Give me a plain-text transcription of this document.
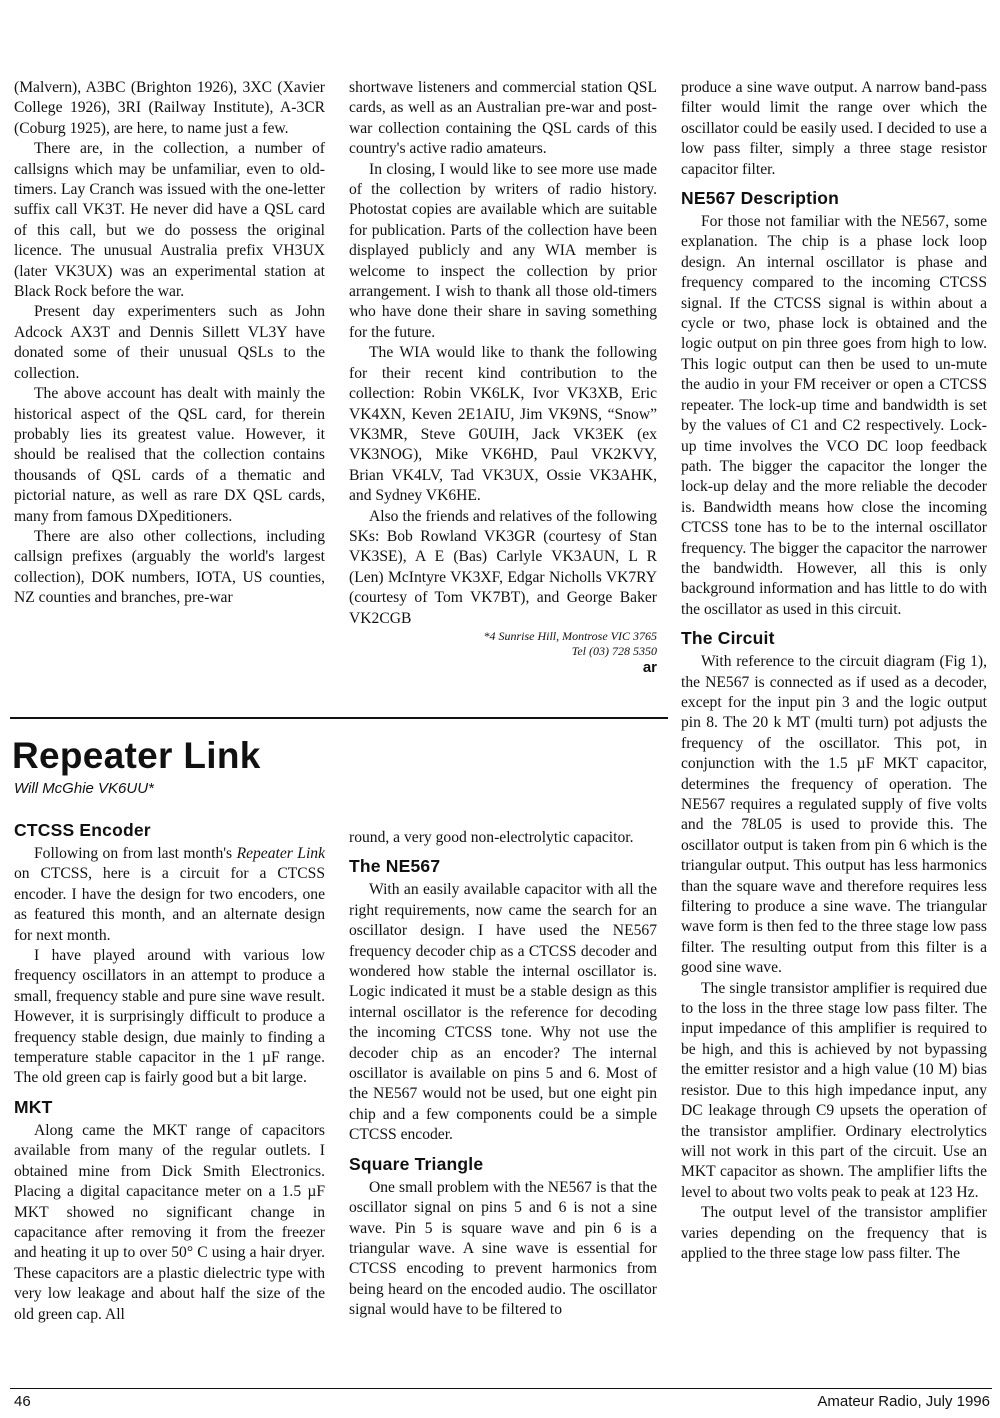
(Malvern), A3BC (Brighton 1926), 3XC (Xavier College 1926), 3RI (Railway Institute), A-3CR (Coburg 1925), are here, to name just a few.

There are, in the collection, a number of callsigns which may be unfamiliar, even to old-timers. Lay Cranch was issued with the one-letter suffix call VK3T. He never did have a QSL card of this call, but we do possess the original licence. The unusual Australia prefix VH3UX (later VK3UX) was an experimental station at Black Rock before the war.

Present day experimenters such as John Adcock AX3T and Dennis Sillett VL3Y have donated some of their unusual QSLs to the collection.

The above account has dealt with mainly the historical aspect of the QSL card, for therein probably lies its greatest value. However, it should be realised that the collection contains thousands of QSL cards of a thematic and pictorial nature, as well as rare DX QSL cards, many from famous DXpeditioners.

There are also other collections, including callsign prefixes (arguably the world's largest collection), DOK numbers, IOTA, US counties, NZ counties and branches, pre-war

shortwave listeners and commercial station QSL cards, as well as an Australian pre-war and post-war collection containing the QSL cards of this country's active radio amateurs.

In closing, I would like to see more use made of the collection by writers of radio history. Photostat copies are available which are suitable for publication. Parts of the collection have been displayed publicly and any WIA member is welcome to inspect the collection by prior arrangement. I wish to thank all those old-timers who have done their share in saving something for the future.

The WIA would like to thank the following for their recent kind contribution to the collection: Robin VK6LK, Ivor VK3XB, Eric VK4XN, Keven 2E1AIU, Jim VK9NS, “Snow” VK3MR, Steve G0UIH, Jack VK3EK (ex VK3NOG), Mike VK6HD, Paul VK2KVY, Brian VK4LV, Tad VK3UX, Ossie VK3AHK, and Sydney VK6HE.

Also the friends and relatives of the following SKs: Bob Rowland VK3GR (courtesy of Stan VK3SE), A E (Bas) Carlyle VK3AUN, L R (Len) McIntyre VK3XF, Edgar Nicholls VK7RY (courtesy of Tom VK7BT), and George Baker VK2CGB

*4 Sunrise Hill, Montrose VIC 3765
Tel (03) 728 5350
ar
Repeater Link
Will McGhie VK6UU*
CTCSS Encoder

Following on from last month's Repeater Link on CTCSS, here is a circuit for a CTCSS encoder. I have the design for two encoders, one as featured this month, and an alternate design for next month.

I have played around with various low frequency oscillators in an attempt to produce a small, frequency stable and pure sine wave result. However, it is surprisingly difficult to produce a frequency stable design, due mainly to finding a temperature stable capacitor in the 1 µF range. The old green cap is fairly good but a bit large.

MKT

Along came the MKT range of capacitors available from many of the regular outlets. I obtained mine from Dick Smith Electronics. Placing a digital capacitance meter on a 1.5 µF MKT showed no significant change in capacitance after removing it from the freezer and heating it up to over 50° C using a hair dryer. These capacitors are a plastic dielectric type with very low leakage and about half the size of the old green cap. All

round, a very good non-electrolytic capacitor.

The NE567

With an easily available capacitor with all the right requirements, now came the search for an oscillator design. I have used the NE567 frequency decoder chip as a CTCSS decoder and wondered how stable the internal oscillator is. Logic indicated it must be a stable design as this internal oscillator is the reference for decoding the incoming CTCSS tone. Why not use the decoder chip as an encoder? The internal oscillator is available on pins 5 and 6. Most of the NE567 would not be used, but one eight pin chip and a few components could be a simple CTCSS encoder.

Square Triangle

One small problem with the NE567 is that the oscillator signal on pins 5 and 6 is not a sine wave. Pin 5 is square wave and pin 6 is a triangular wave. A sine wave is essential for CTCSS encoding to prevent harmonics from being heard on the encoded audio. The oscillator signal would have to be filtered to

produce a sine wave output. A narrow band-pass filter would limit the range over which the oscillator could be easily used. I decided to use a low pass filter, simply a three stage resistor capacitor filter.

NE567 Description

For those not familiar with the NE567, some explanation. The chip is a phase lock loop design. An internal oscillator is phase and frequency compared to the incoming CTCSS signal. If the CTCSS signal is within about a cycle or two, phase lock is obtained and the logic output on pin three goes from high to low. This logic output can then be used to un-mute the audio in your FM receiver or open a CTCSS repeater. The lock-up time and bandwidth is set by the values of C1 and C2 respectively. Lock-up time involves the VCO DC loop feedback path. The bigger the capacitor the longer the lock-up delay and the more reliable the decoder is. Bandwidth means how close the incoming CTCSS tone has to be to the internal oscillator frequency. The bigger the capacitor the narrower the bandwidth. However, all this is only background information and has little to do with the oscillator as used in this circuit.

The Circuit

With reference to the circuit diagram (Fig 1), the NE567 is connected as if used as a decoder, except for the input pin 3 and the logic output pin 8. The 20 k MT (multi turn) pot adjusts the frequency of the oscillator. This pot, in conjunction with the 1.5 µF MKT capacitor, determines the frequency of operation. The NE567 requires a regulated supply of five volts and the 78L05 is used to provide this. The oscillator output is taken from pin 6 which is the triangular output. This output has less harmonics than the square wave and therefore requires less filtering to produce a sine wave. The triangular wave form is then fed to the three stage low pass filter. The resulting output from this filter is a good sine wave.

The single transistor amplifier is required due to the loss in the three stage low pass filter. The input impedance of this amplifier is required to be high, and this is achieved by not bypassing the emitter resistor and a high value (10 M) bias resistor. Due to this high impedance input, any DC leakage through C9 upsets the operation of the transistor amplifier. Ordinary electrolytics will not work in this part of the circuit. Use an MKT capacitor as shown. The amplifier lifts the level to about two volts peak to peak at 123 Hz.

The output level of the transistor amplifier varies depending on the frequency that is applied to the three stage low pass filter. The

46	Amateur Radio, July 1996
